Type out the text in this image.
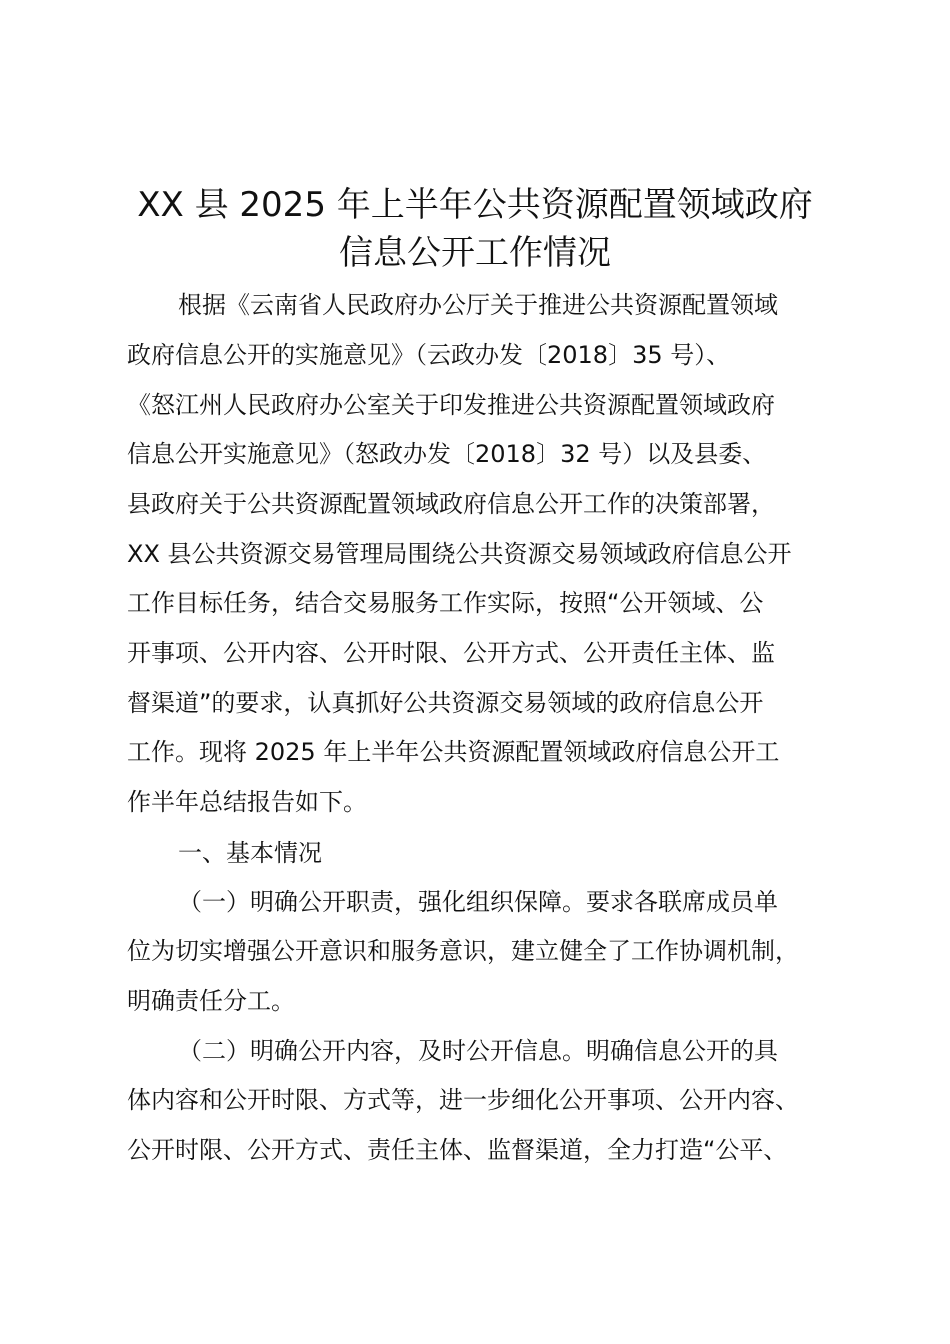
XX 县 2025 年上半年公共资源配置领域政府
信息公开工作情况
根据《云南省人民政府办公厅关于推进公共资源配置领域
政府信息公开的实施意见》（云政办发〔2018〕35 号）、
《怒江州人民政府办公室关于印发推进公共资源配置领域政府
信息公开实施意见》（怒政办发〔2018〕32 号）以及县委、
县政府关于公共资源配置领域政府信息公开工作的决策部署，
XX 县公共资源交易管理局围绕公共资源交易领域政府信息公开
工作目标任务，结合交易服务工作实际，按照“公开领域、公
开事项、公开内容、公开时限、公开方式、公开责任主体、监
督渠道”的要求，认真抓好公共资源交易领域的政府信息公开
工作。现将 2025 年上半年公共资源配置领域政府信息公开工
作半年总结报告如下。
一、基本情况
（一）明确公开职责，强化组织保障。要求各联席成员单
位为切实增强公开意识和服务意识，建立健全了工作协调机制，
明确责任分工。
（二）明确公开内容，及时公开信息。明确信息公开的具
体内容和公开时限、方式等，进一步细化公开事项、公开内容、
公开时限、公开方式、责任主体、监督渠道，全力打造“公平、
